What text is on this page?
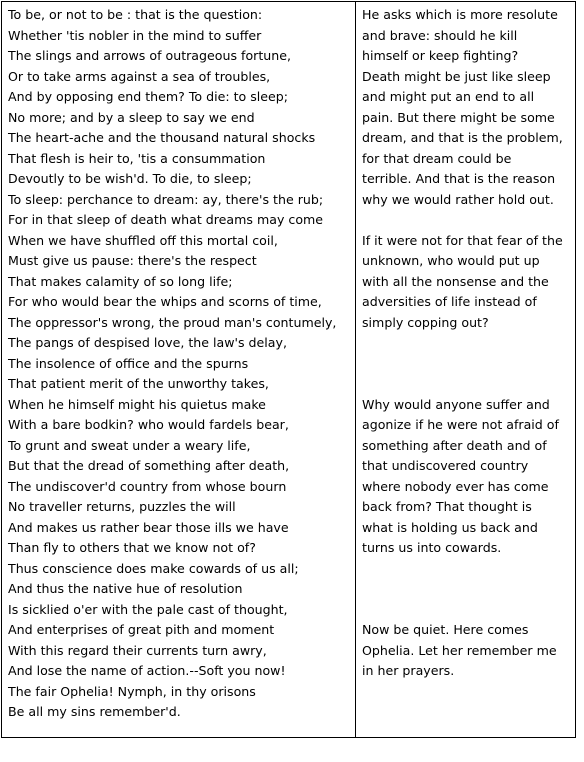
To be, or not to be : that is the question:
Whether 'tis nobler in the mind to suffer
The slings and arrows of outrageous fortune,
Or to take arms against a sea of troubles,
And by opposing end them? To die: to sleep;
No more; and by a sleep to say we end
The heart-ache and the thousand natural shocks
That flesh is heir to, 'tis a consummation
Devoutly to be wish'd. To die, to sleep;
To sleep: perchance to dream: ay, there's the rub;
For in that sleep of death what dreams may come
When we have shuffled off this mortal coil,
Must give us pause: there's the respect
That makes calamity of so long life;
For who would bear the whips and scorns of time,
The oppressor's wrong, the proud man's contumely,
The pangs of despised love, the law's delay,
The insolence of office and the spurns
That patient merit of the unworthy takes,
When he himself might his quietus make
With a bare bodkin? who would fardels bear,
To grunt and sweat under a weary life,
But that the dread of something after death,
The undiscover'd country from whose bourn
No traveller returns, puzzles the will
And makes us rather bear those ills we have
Than fly to others that we know not of?
Thus conscience does make cowards of us all;
And thus the native hue of resolution
Is sicklied o'er with the pale cast of thought,
And enterprises of great pith and moment
With this regard their currents turn awry,
And lose the name of action.--Soft you now!
The fair Ophelia! Nymph, in thy orisons
Be all my sins remember'd.
He asks which is more resolute
and brave: should he kill
himself or keep fighting?
Death might be just like sleep
and might put an end to all
pain. But there might be some
dream, and that is the problem,
for that dream could be
terrible. And that is the reason
why we would rather hold out.
If it were not for that fear of the
unknown, who would put up
with all the nonsense and the
adversities of life instead of
simply copping out?
Why would anyone suffer and
agonize if he were not afraid of
something after death and of
that undiscovered country
where nobody ever has come
back from? That thought is
what is holding us back and
turns us into cowards.
Now be quiet. Here comes
Ophelia. Let her remember me
in her prayers.
